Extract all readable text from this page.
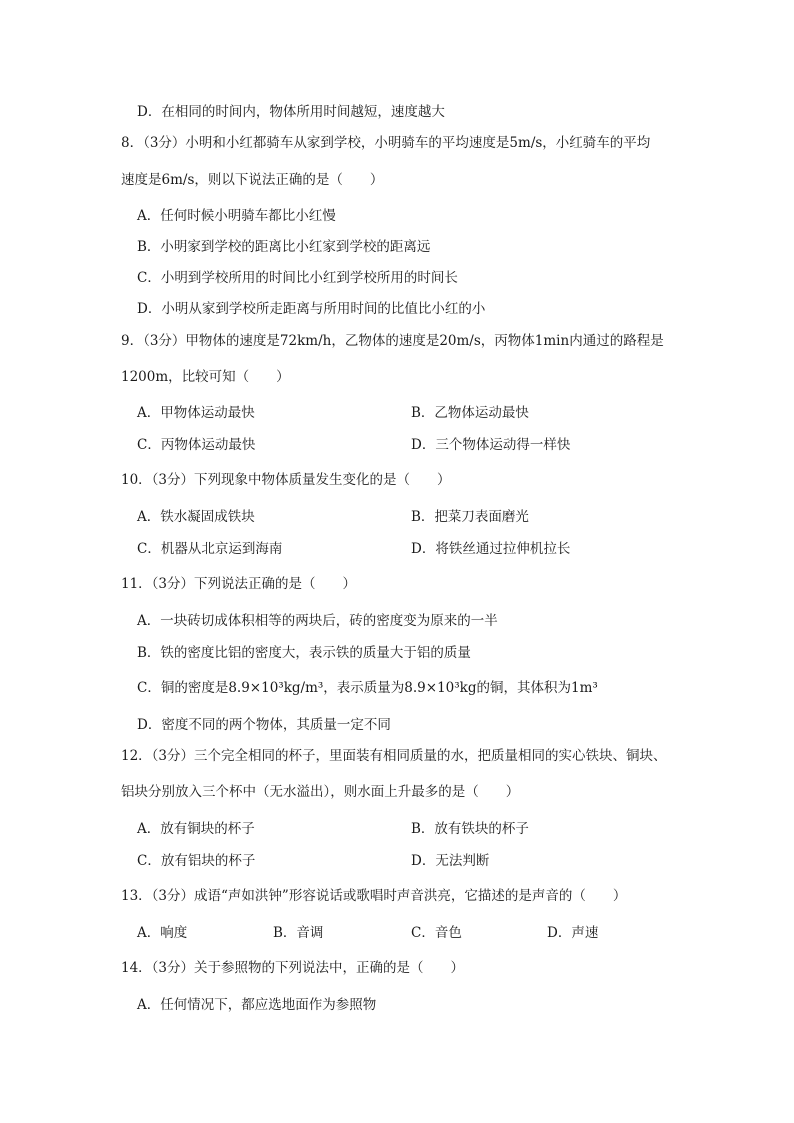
D．在相同的时间内，物体所用时间越短，速度越大
8．（3分）小明和小红都骑车从家到学校，小明骑车的平均速度是5m/s，小红骑车的平均
速度是6m/s，则以下说法正确的是（　　）
A．任何时候小明骑车都比小红慢
B．小明家到学校的距离比小红家到学校的距离远
C．小明到学校所用的时间比小红到学校所用的时间长
D．小明从家到学校所走距离与所用时间的比值比小红的小
9．（3分）甲物体的速度是72km/h，乙物体的速度是20m/s，丙物体1min内通过的路程是
1200m，比较可知（　　）
A．甲物体运动最快	B．乙物体运动最快
C．丙物体运动最快	D．三个物体运动得一样快
10．（3分）下列现象中物体质量发生变化的是（　　）
A．铁水凝固成铁块	B．把菜刀表面磨光
C．机器从北京运到海南	D．将铁丝通过拉伸机拉长
11．（3分）下列说法正确的是（　　）
A．一块砖切成体积相等的两块后，砖的密度变为原来的一半
B．铁的密度比铝的密度大，表示铁的质量大于铝的质量
C．铜的密度是8.9×10³kg/m³，表示质量为8.9×10³kg的铜，其体积为1m³
D．密度不同的两个物体，其质量一定不同
12．（3分）三个完全相同的杯子，里面装有相同质量的水，把质量相同的实心铁块、铜块、
铝块分别放入三个杯中（无水溢出），则水面上升最多的是（　　）
A．放有铜块的杯子	B．放有铁块的杯子
C．放有铝块的杯子	D．无法判断
13．（3分）成语“声如洪钟”形容说话或歌唱时声音洪亮，它描述的是声音的（　　）
A．响度	B．音调	C．音色	D．声速
14．（3分）关于参照物的下列说法中，正确的是（　　）
A．任何情况下，都应选地面作为参照物
